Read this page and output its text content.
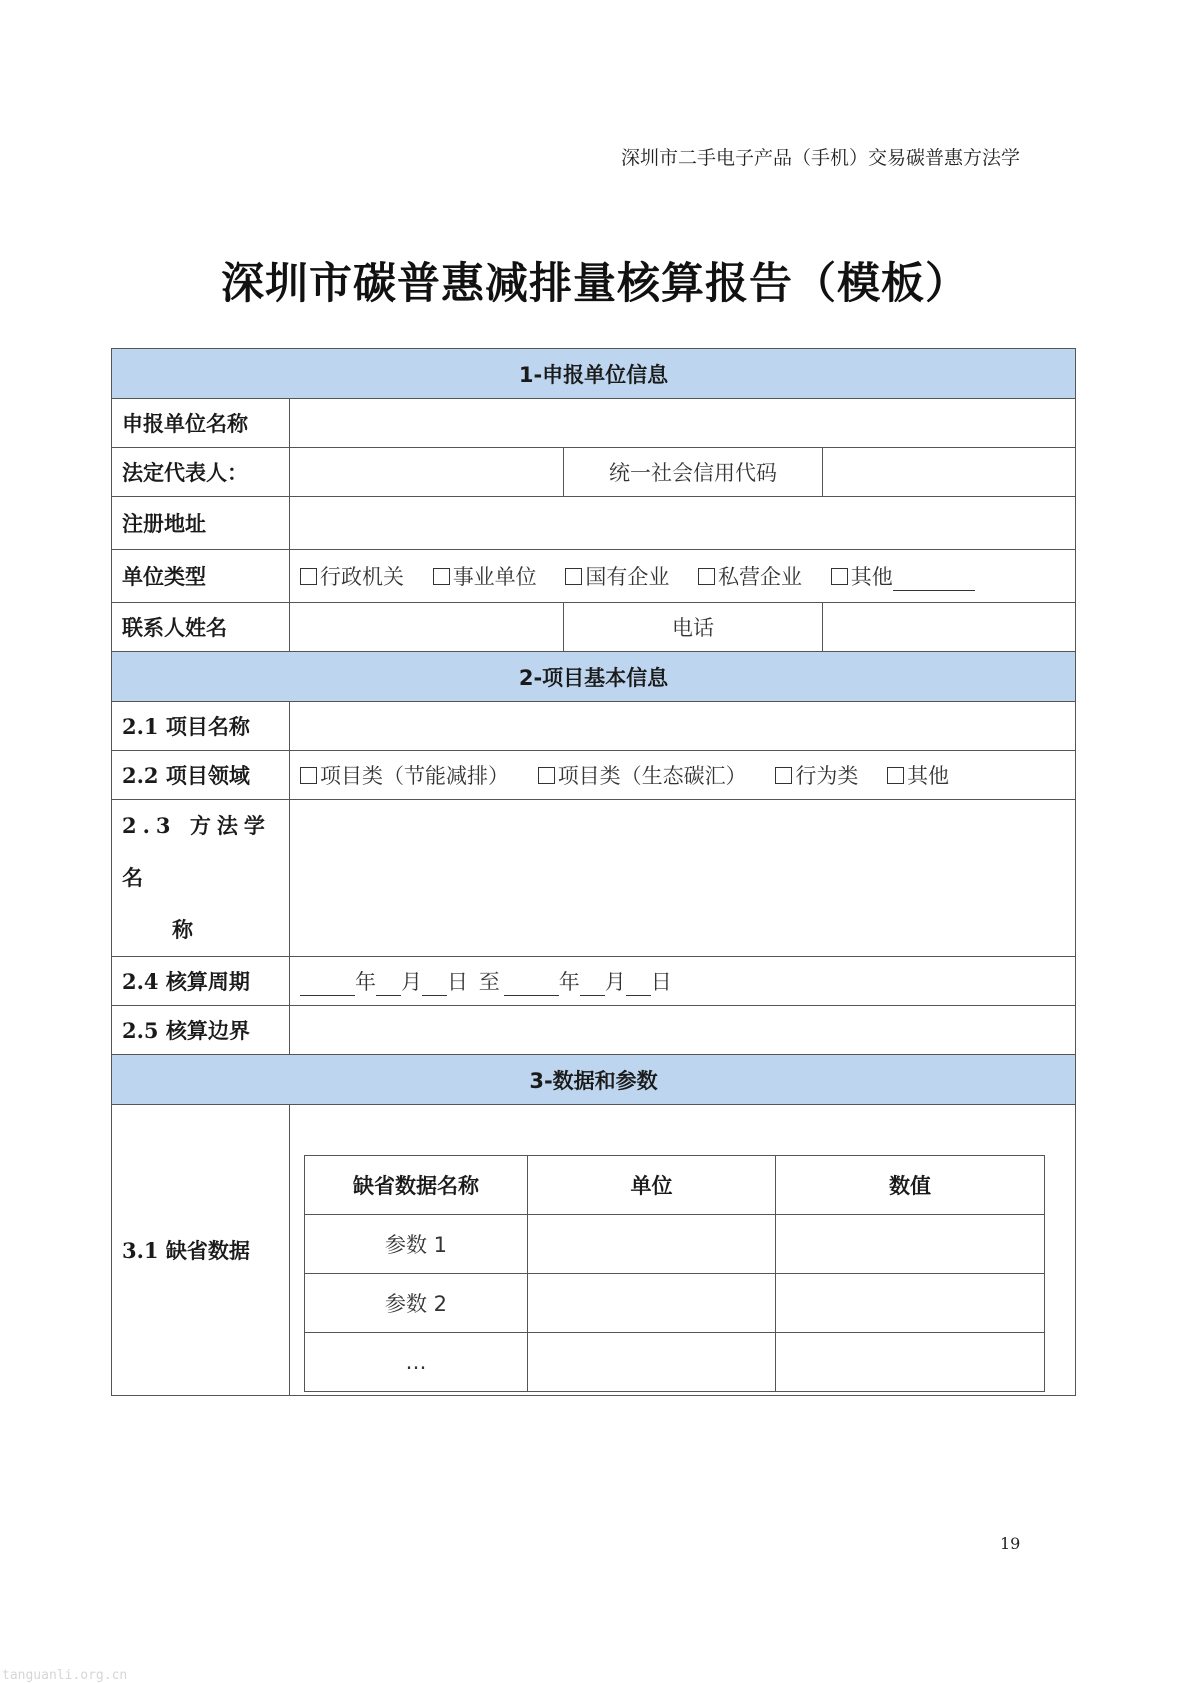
深圳市二手电子产品（手机）交易碳普惠方法学
深圳市碳普惠减排量核算报告（模板）
1-申报单位信息
申报单位名称	
法定代表人：		统一社会信用代码	
注册地址	
单位类型	行政机关 事业单位 国有企业 私营企业 其他
联系人姓名		电话	
2-项目基本信息
2.1 项目名称	
2.2 项目领域	项目类（节能减排） 项目类（生态碳汇） 行为类 其他

2.3 方法学名
称

2.4 核算周期	年 月 日 至	年 月 日
2.5 核算边界	
3-数据和参数
3.1 缺省数据	
缺省数据名称	单位	数值
参数 1		
参数 2		
…		
19
tanguanli.org.cn
